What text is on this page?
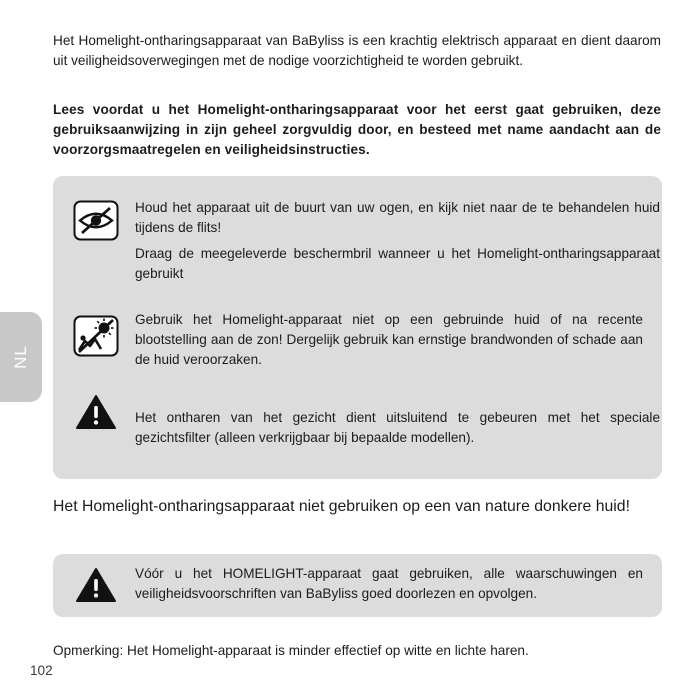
Het Homelight-ontharingsapparaat van BaByliss is een krachtig elektrisch apparaat en dient daarom uit veiligheidsoverwegingen met de nodige voorzichtigheid te worden gebruikt.

Lees voordat u het Homelight-ontharingsapparaat voor het eerst gaat gebruiken, deze gebruiksaanwijzing in zijn geheel zorgvuldig door, en besteed met name aandacht aan de voorzorgsmaatregelen en veiligheidsinstructies.

Houd het apparaat uit de buurt van uw ogen, en kijk niet naar de te behandelen huid tijdens de flits!

Draag de meegeleverde beschermbril wanneer u het Homelight-ontharingsapparaat gebruikt

Gebruik het Homelight-apparaat niet op een gebruinde huid of na recente blootstelling aan de zon! Dergelijk gebruik kan ernstige brandwonden of schade aan de huid veroorzaken.

Het ontharen van het gezicht dient uitsluitend te gebeuren met het speciale gezichtsfilter (alleen verkrijgbaar bij bepaalde modellen).

Het Homelight-ontharingsapparaat niet gebruiken op een van nature donkere huid!

Vóór u het HOMELIGHT-apparaat gaat gebruiken, alle waarschuwingen en veiligheidsvoorschriften van BaByliss goed doorlezen en opvolgen.

Opmerking: Het Homelight-apparaat is minder effectief op witte en lichte haren.

102

NL
